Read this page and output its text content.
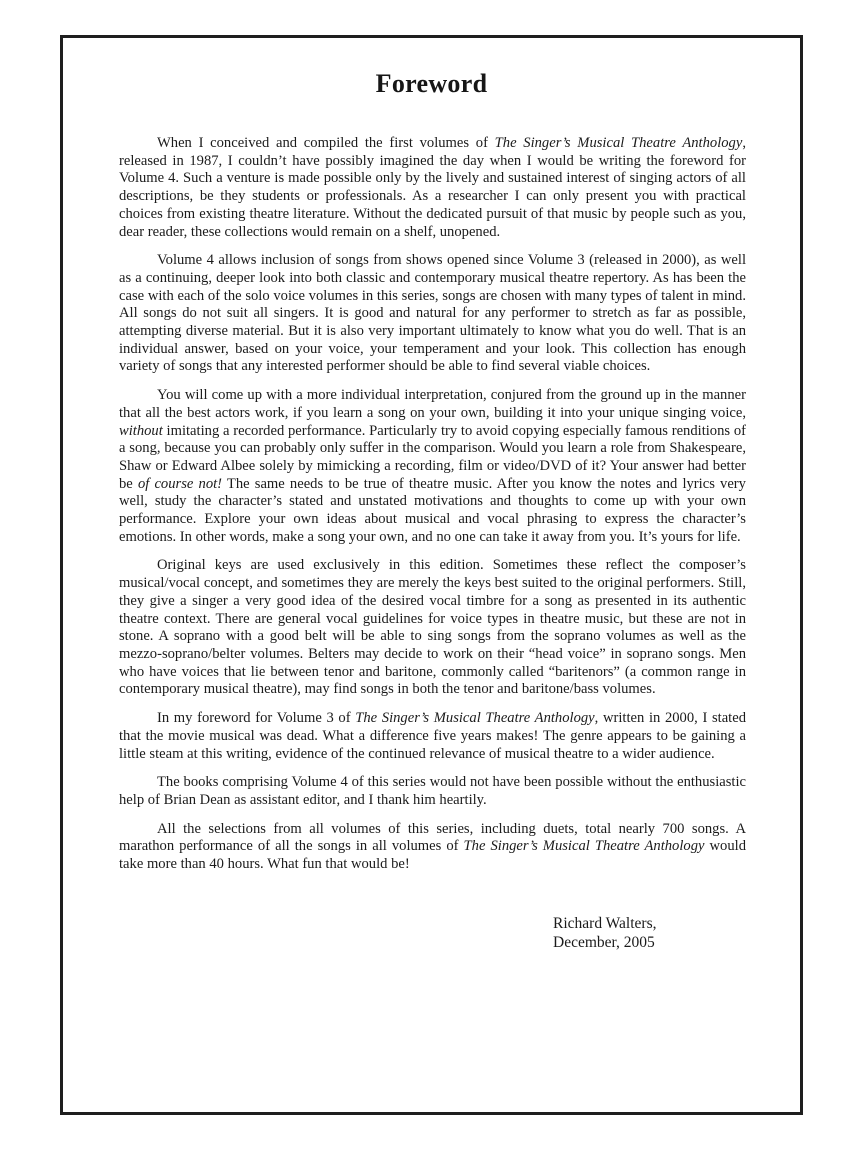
Foreword

When I conceived and compiled the first volumes of The Singer’s Musical Theatre Anthology, released in 1987, I couldn’t have possibly imagined the day when I would be writing the foreword for Volume 4. Such a venture is made possible only by the lively and sustained interest of singing actors of all descriptions, be they students or professionals. As a researcher I can only present you with practical choices from existing theatre literature. Without the dedicated pursuit of that music by people such as you, dear reader, these collections would remain on a shelf, unopened.

Volume 4 allows inclusion of songs from shows opened since Volume 3 (released in 2000), as well as a continuing, deeper look into both classic and contemporary musical theatre repertory. As has been the case with each of the solo voice volumes in this series, songs are chosen with many types of talent in mind. All songs do not suit all singers. It is good and natural for any performer to stretch as far as possible, attempting diverse material. But it is also very important ultimately to know what you do well. That is an individual answer, based on your voice, your temperament and your look. This collection has enough variety of songs that any interested performer should be able to find several viable choices.

You will come up with a more individual interpretation, conjured from the ground up in the manner that all the best actors work, if you learn a song on your own, building it into your unique singing voice, without imitating a recorded performance. Particularly try to avoid copying especially famous renditions of a song, because you can probably only suffer in the comparison. Would you learn a role from Shakespeare, Shaw or Edward Albee solely by mimicking a recording, film or video/DVD of it? Your answer had better be of course not! The same needs to be true of theatre music. After you know the notes and lyrics very well, study the character’s stated and unstated motivations and thoughts to come up with your own performance. Explore your own ideas about musical and vocal phrasing to express the character’s emotions. In other words, make a song your own, and no one can take it away from you. It’s yours for life.

Original keys are used exclusively in this edition. Sometimes these reflect the composer’s musical/vocal concept, and sometimes they are merely the keys best suited to the original performers. Still, they give a singer a very good idea of the desired vocal timbre for a song as presented in its authentic theatre context. There are general vocal guidelines for voice types in theatre music, but these are not in stone. A soprano with a good belt will be able to sing songs from the soprano volumes as well as the mezzo-soprano/belter volumes. Belters may decide to work on their “head voice” in soprano songs. Men who have voices that lie between tenor and baritone, commonly called “baritenors” (a common range in contemporary musical theatre), may find songs in both the tenor and baritone/bass volumes.

In my foreword for Volume 3 of The Singer’s Musical Theatre Anthology, written in 2000, I stated that the movie musical was dead. What a difference five years makes! The genre appears to be gaining a little steam at this writing, evidence of the continued relevance of musical theatre to a wider audience.

The books comprising Volume 4 of this series would not have been possible without the enthusiastic help of Brian Dean as assistant editor, and I thank him heartily.

All the selections from all volumes of this series, including duets, total nearly 700 songs. A marathon performance of all the songs in all volumes of The Singer’s Musical Theatre Anthology would take more than 40 hours. What fun that would be!

Richard Walters,
December, 2005
